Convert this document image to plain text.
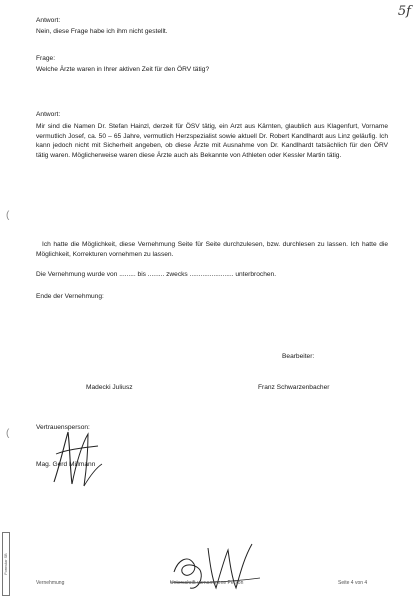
5f
Antwort:
Nein, diese Frage habe ich ihm nicht gestellt.
Frage:
Welche Ärzte waren in Ihrer aktiven Zeit für den ÖRV tätig?
Antwort:
Mir sind die Namen Dr. Stefan Hainzl, derzeit für ÖSV tätig, ein Arzt aus Kärnten, glaublich aus Klagenfurt, Vorname vermutlich Josef, ca. 50 – 65 Jahre, vermutlich Herzspezialist sowie aktuell Dr. Robert Kandlhardt aus Linz geläufig. Ich kann jedoch nicht mit Sicherheit angeben, ob diese Ärzte mit Ausnahme von Dr. Kandlhardt tatsächlich für den ÖRV tätig waren. Möglicherweise waren diese Ärzte auch als Bekannte von Athleten oder Kessler Martin tätig.
(
(
Ich hatte die Möglichkeit, diese Vernehmung Seite für Seite durchzulesen, bzw. durchlesen zu lassen. Ich hatte die Möglichkeit, Korrekturen vornehmen zu lassen.
Die Vernehmung wurde von ......... bis ......... zwecks ........................ unterbrochen.
Ende der Vernehmung:
Bearbeiter:
Madecki Juliusz	Franz Schwarzenbacher
Vertrauensperson:
Mag. Gerd Millmann
Formular SB
Vernehmung	Unterschrift vernommene Person	Seite 4 von 4
